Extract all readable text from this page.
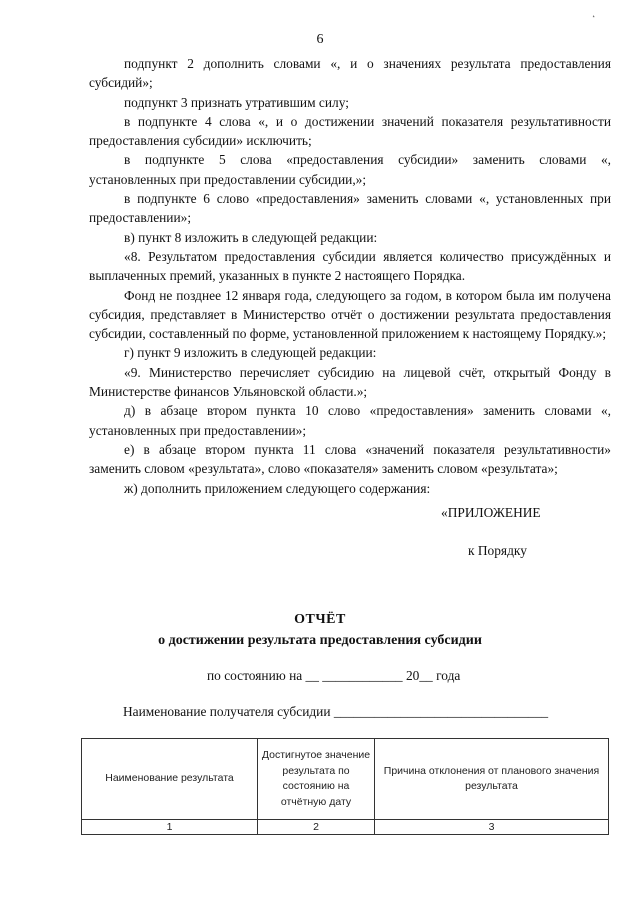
6
˔

подпункт 2 дополнить словами «, и о значениях результата предоставления субсидий»;

подпункт 3 признать утратившим силу;

в подпункте 4 слова «, и о достижении значений показателя результативности предоставления субсидии» исключить;

в подпункте 5 слова «предоставления субсидии» заменить словами «, установленных при предоставлении субсидии,»;

в подпункте 6 слово «предоставления» заменить словами «, установленных при предоставлении»;

в) пункт 8 изложить в следующей редакции:

«8. Результатом предоставления субсидии является количество присуждённых и выплаченных премий, указанных в пункте 2 настоящего Порядка.

Фонд не позднее 12 января года, следующего за годом, в котором была им получена субсидия, представляет в Министерство отчёт о достижении результата предоставления субсидии, составленный по форме, установленной приложением к настоящему Порядку.»;

г) пункт 9 изложить в следующей редакции:

«9. Министерство перечисляет субсидию на лицевой счёт, открытый Фонду в Министерстве финансов Ульяновской области.»;

д) в абзаце втором пункта 10 слово «предоставления» заменить словами «, установленных при предоставлении»;

е) в абзаце втором пункта 11 слова «значений показателя результативности» заменить словом «результата», слово «показателя» заменить словом «результата»;

ж) дополнить приложением следующего содержания:

«ПРИЛОЖЕНИЕ
к Порядку
ОТЧЁТ
о достижении результата предоставления субсидии
по состоянию на __ ____________ 20__ года
Наименование получателя субсидии ________________________________
Наименование результата	Достигнутое значение результата по состоянию на отчётную дату	Причина отклонения от планового значения результата
1	2	3
